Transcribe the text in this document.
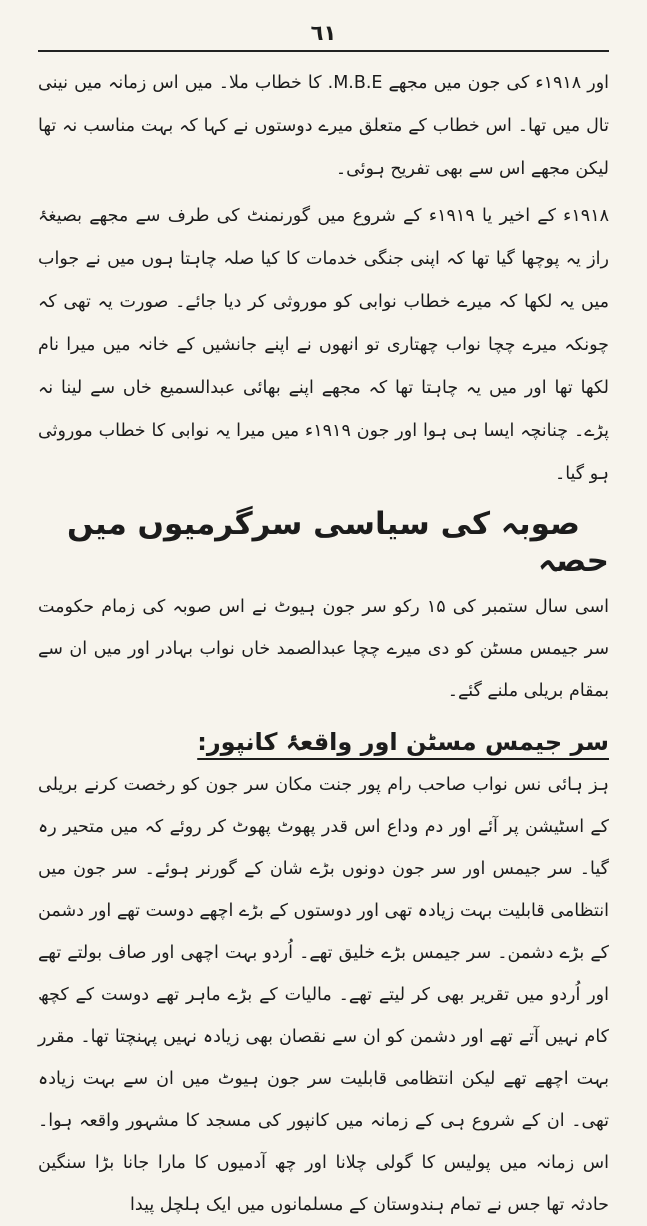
٦١

اور ۱۹۱۸ء کی جون میں مجھے M.B.E. کا خطاب ملا۔ میں اس زمانہ میں نینی تال میں تھا۔ اس خطاب کے متعلق میرے دوستوں نے کہا کہ بہت مناسب نہ تھا لیکن مجھے اس سے بھی تفریح ہوئی۔

۱۹۱۸ء کے اخیر یا ۱۹۱۹ء کے شروع میں گورنمنٹ کی طرف سے مجھے بصیغۂ راز یہ پوچھا گیا تھا کہ اپنی جنگی خدمات کا کیا صلہ چاہتا ہوں میں نے جواب میں یہ لکھا کہ میرے خطاب نوابی کو موروثی کر دیا جائے۔ صورت یہ تھی کہ چونکہ میرے چچا نواب چھتاری تو انھوں نے اپنے جانشیں کے خانہ میں میرا نام لکھا تھا اور میں یہ چاہتا تھا کہ مجھے اپنے بھائی عبدالسمیع خاں سے لینا نہ پڑے۔ چنانچہ ایسا ہی ہوا اور جون ۱۹۱۹ء میں میرا یہ نوابی کا خطاب موروثی ہو گیا۔

صوبہ کی سیاسی سرگرمیوں میں حصہ

اسی سال ستمبر کی ۱۵ رکو سر جون ہیوٹ نے اس صوبہ کی زمام حکومت سر جیمس مسٹن کو دی میرے چچا عبدالصمد خاں نواب بہادر اور میں ان سے بمقام بریلی ملنے گئے۔

سر جیمس مسٹن اور واقعۂ کانپور:

ہز ہائی نس نواب صاحب رام پور جنت مکان سر جون کو رخصت کرنے بریلی کے اسٹیشن پر آئے اور دم وداع اس قدر پھوٹ پھوٹ کر روئے کہ میں متحیر رہ گیا۔ سر جیمس اور سر جون دونوں بڑے شان کے گورنر ہوئے۔ سر جون میں انتظامی قابلیت بہت زیادہ تھی اور دوستوں کے بڑے اچھے دوست تھے اور دشمن کے بڑے دشمن۔ سر جیمس بڑے خلیق تھے۔ اُردو بہت اچھی اور صاف بولتے تھے اور اُردو میں تقریر بھی کر لیتے تھے۔ مالیات کے بڑے ماہر تھے دوست کے کچھ کام نہیں آتے تھے اور دشمن کو ان سے نقصان بھی زیادہ نہیں پہنچتا تھا۔ مقرر بہت اچھے تھے لیکن انتظامی قابلیت سر جون ہیوٹ میں ان سے بہت زیادہ تھی۔ ان کے شروع ہی کے زمانہ میں کانپور کی مسجد کا مشہور واقعہ ہوا۔ اس زمانہ میں پولیس کا گولی چلانا اور چھ آدمیوں کا مارا جانا بڑا سنگین حادثہ تھا جس نے تمام ہندوستان کے مسلمانوں میں ایک ہلچل پیدا
